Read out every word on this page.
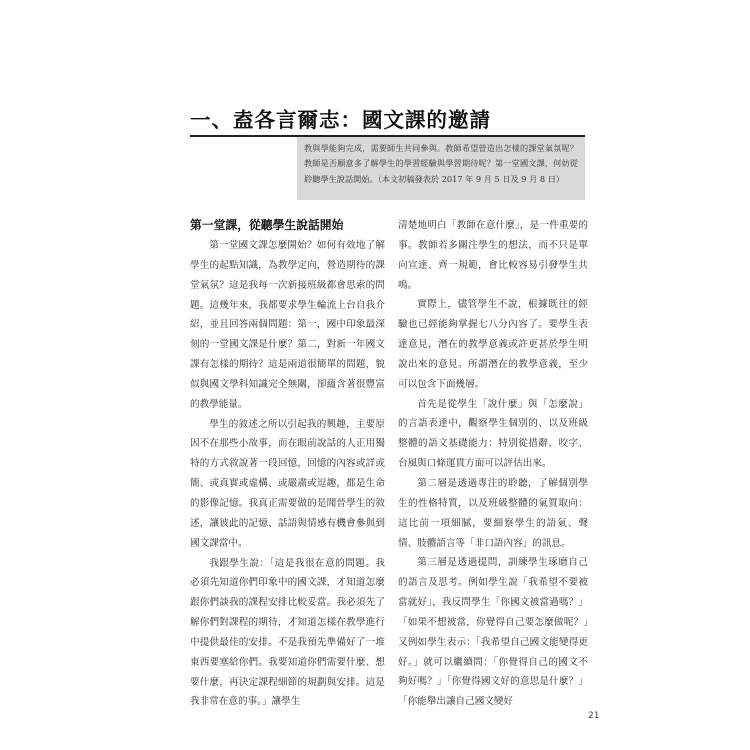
一、盍各言爾志：國文課的邀請

教與學能夠完成，需要師生共同參與。教師希望營造出怎樣的課堂氣氛呢？教師是否願意多了解學生的學習經驗與學習期待呢？第一堂國文課，何妨從聆聽學生說話開始。（本文初稿發表於 2017 年 9 月 5 日及 9 月 8 日）

第一堂課，從聽學生說話開始

第一堂國文課怎麼開始？如何有效地了解學生的起點知識，為教學定向，營造期待的課堂氣氛？這是我每一次新接班級都會思索的問題。這幾年來，我都要求學生輪流上台自我介紹，並且回答兩個問題：第一，國中印象最深刻的一堂國文課是什麼？第二，對新一年國文課有怎樣的期待？這是兩道很簡單的問題，貌似與國文學科知識完全無關，卻蘊含著很豐富的教學能量。

學生的敘述之所以引起我的興趣，主要原因不在那些小故事，而在眼前說話的人正用獨特的方式敘說著一段回憶，回憶的內容或詳或簡、或真實或虛構、或嚴肅或逗趣，都是生命的影像記憶。我真正需要做的是聞晉學生的敘述，讓彼此的記憶、話語與情感有機會參與到國文課當中。

我跟學生說：「這是我很在意的問題。我必須先知道你們印象中的國文課，才知道怎麼跟你們談我的課程安排比較妥當。我必須先了解你們對課程的期待，才知道怎樣在教學進行中提供最佳的安排。不是我預先準備好了一堆東西要塞給你們。我要知道你們需要什麼、想要什麼，再決定課程細節的規劃與安排。這是我非常在意的事。」讓學生

清楚地明白「教師在意什麼」，是一件重要的事。教師若多關注學生的想法，而不只是單向宣達、齊一規範，會比較容易引發學生共鳴。

實際上，儘管學生不說，根據既往的經驗也已經能夠掌握七八分內容了。要學生表達意見，潛在的教學意義或許更甚於學生明說出來的意見。所謂潛在的教學意義，至少可以包含下面幾層。

首先是從學生「說什麼」與「怎麼說」的言語表達中，觀察學生個別的、以及班級整體的語文基礎能力：特別從措辭、咬字、台風與口條運貫方面可以評估出來。

第二層是透過專注的聆聽，了解個別學生的性格特質，以及班級整體的氣質取向：這比前一項細膩，要細察學生的語氣、聲情、肢體語言等「非口語內容」的訊息。

第三層是透過提問，訓練學生琢磨自己的語言及思考。例如學生說「我希望不要被當就好」，我反問學生「你國文被當過嗎？」「如果不想被當，你覺得自己要怎麼做呢？」又例如學生表示：「我希望自己國文能變得更好。」就可以繼續問：「你覺得自己的國文不夠好嗎？」「你覺得國文好的意思是什麼？」「你能舉出讓自己國文變好

21
